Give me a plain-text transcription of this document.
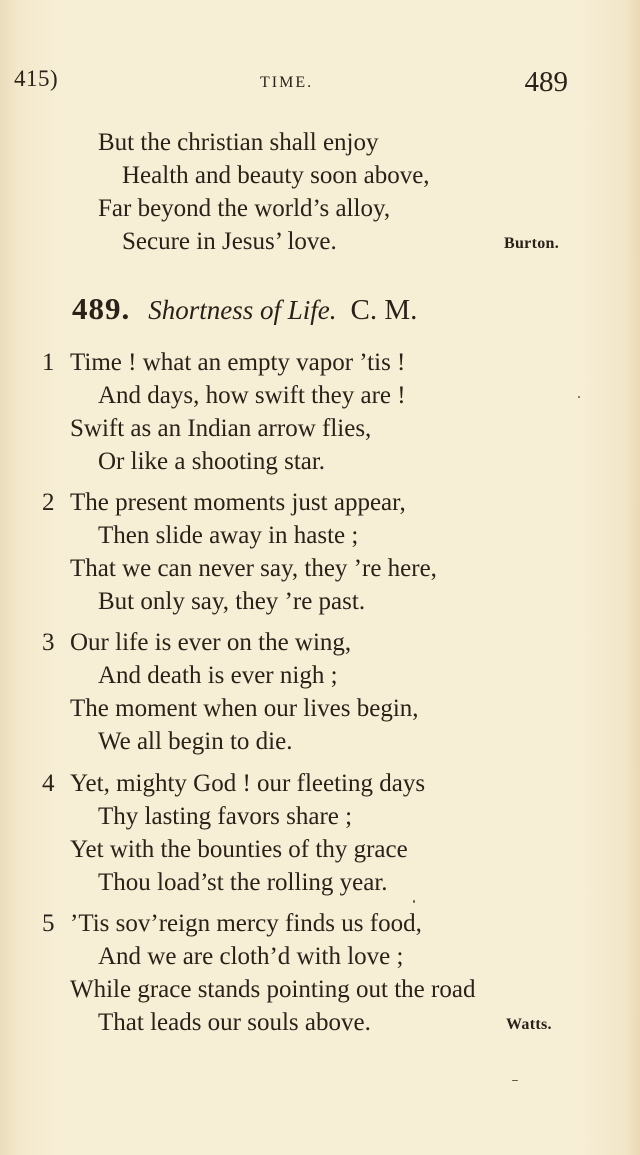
415)	TIME.	489
But the christian shall enjoy
Health and beauty soon above,
Far beyond the world’s alloy,
Secure in Jesus’ love.	Burton.
489. Shortness of Life. C. M.
1 Time ! what an empty vapor ’tis !
And days, how swift they are !
Swift as an Indian arrow flies,
Or like a shooting star.
2 The present moments just appear,
Then slide away in haste ;
That we can never say, they ’re here,
But only say, they ’re past.
3 Our life is ever on the wing,
And death is ever nigh ;
The moment when our lives begin,
We all begin to die.
4 Yet, mighty God ! our fleeting days
Thy lasting favors share ;
Yet with the bounties of thy grace
Thou load’st the rolling year.
5 ’Tis sov’reign mercy finds us food,
And we are cloth’d with love ;
While grace stands pointing out the road
That leads our souls above.	Watts.
